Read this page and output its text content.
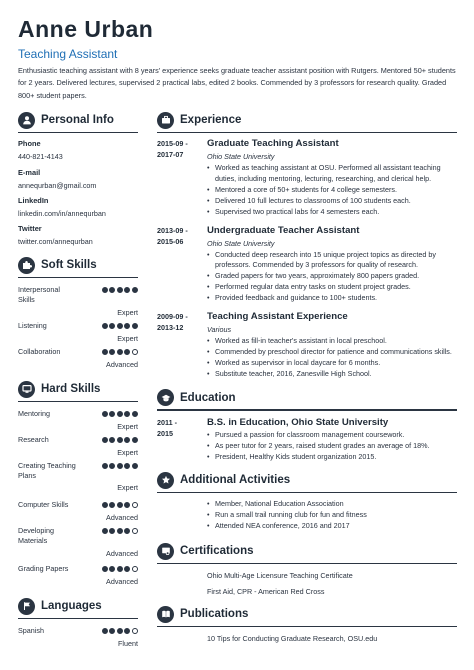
Anne Urban
Teaching Assistant
Enthusiastic teaching assistant with 8 years' experience seeks graduate teacher assistant position with Rutgers. Mentored 50+ students for 2 years. Delivered lectures, supervised 2 practical labs, edited 2 books. Commended by 3 professors for research quality. Graded 800+ student papers.
Personal Info
Phone
440-821-4143
E-mail
annequrban@gmail.com
LinkedIn
linkedin.com/in/annequrban
Twitter
twitter.com/annequrban
Soft Skills
Interpersonal Skills
Expert
Listening
Expert
Collaboration
Advanced
Hard Skills
Mentoring
Expert
Research
Expert
Creating Teaching Plans
Expert
Computer Skills
Advanced
Developing Materials
Advanced
Grading Papers
Advanced
Languages
Spanish
Fluent
Experience
2015-09 -
2017-07
Graduate Teaching Assistant
Ohio State University
• Worked as teaching assistant at OSU. Performed all assistant teaching duties, including mentoring, lecturing, researching, and clerical help.
• Mentored a core of 50+ students for 4 college semesters.
• Delivered 10 full lectures to classrooms of 100 students each.
• Supervised two practical labs for 4 semesters each.
2013-09 -
2015-06
Undergraduate Teacher Assistant
Ohio State University
• Conducted deep research into 15 unique project topics as directed by professors. Commended by 3 professors for quality of research.
• Graded papers for two years, approximately 800 papers graded.
• Performed regular data entry tasks on student project grades.
• Provided feedback and guidance to 100+ students.
2009-09 -
2013-12
Teaching Assistant Experience
Various
• Worked as fill-in teacher's assistant in local preschool.
• Commended by preschool director for patience and communications skills.
• Worked as supervisor in local daycare for 6 months.
• Substitute teacher, 2016, Zanesville High School.
Education
2011 -
2015
B.S. in Education, Ohio State University
• Pursued a passion for classroom management coursework.
• As peer tutor for 2 years, raised student grades an average of 18%.
• President, Healthy Kids student organization 2015.
Additional Activities
• Member, National Education Association
• Run a small trail running club for fun and fitness
• Attended NEA conference, 2016 and 2017
Certifications
Ohio Multi-Age Licensure Teaching Certificate
First Aid, CPR - American Red Cross
Publications
10 Tips for Conducting Graduate Research, OSU.edu
